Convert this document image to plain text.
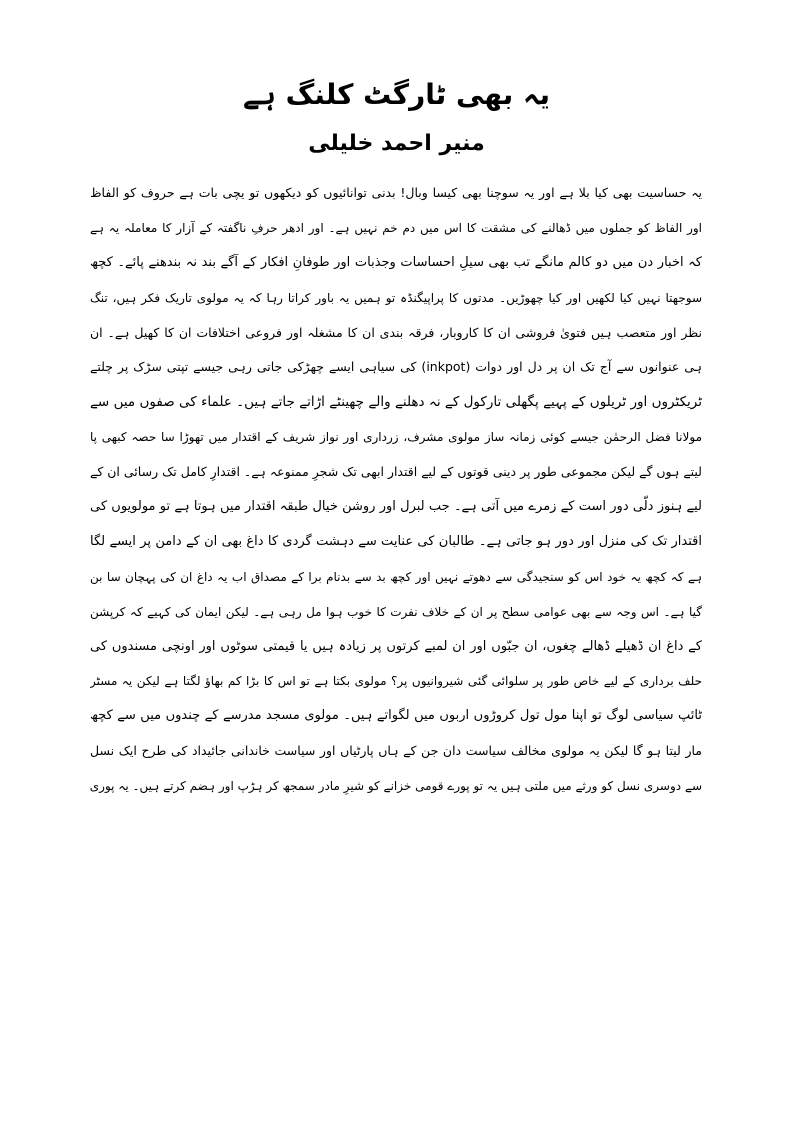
یہ بھی ٹارگٹ کلنگ ہے
منیر احمد خلیلی
یہ حساسیت بھی کیا بلا ہے اور یہ سوچنا بھی کیسا وبال! بدنی توانائیوں کو دیکھوں تو یچی بات ہے حروف کو الفاظ
اور الفاظ کو جملوں میں ڈھالنے کی مشقت کا اس میں دم خم نہیں ہے۔ اور ادھر حرفِ ناگفتہ کے آزار کا معاملہ یہ ہے
کہ اخبار دن میں دو کالم مانگے تب بھی سیلِ احساسات وجذبات اور طوفانِ افکار کے آگے بند نہ بندھنے پائے۔ کچھ
سوجھتا نہیں کیا لکھیں اور کیا چھوڑیں۔ مدتوں کا پراپیگنڈہ تو ہمیں یہ باور کراتا رہا کہ یہ مولوی تاریک فکر ہیں، تنگ
نظر اور متعصب ہیں فتویٰ فروشی ان کا کاروبار، فرقہ بندی ان کا مشغلہ اور فروعی اختلافات ان کا کھیل ہے۔ ان
ہی عنوانوں سے آج تک ان پر دل اور دوات (inkpot) کی سیاہی ایسے چھڑکی جاتی رہی جیسے تپتی سڑک پر چلتے
ٹریکٹروں اور ٹریلوں کے پہیے پگھلی تارکول کے نہ دھلنے والے چھینٹے اڑاتے جاتے ہیں۔ علماء کی صفوں میں سے
مولانا فضل الرحمٰن جیسے کوئی زمانہ ساز مولوی مشرف، زرداری اور نواز شریف کے اقتدار میں تھوڑا سا حصہ کبھی پا
لیتے ہوں گے لیکن مجموعی طور پر دینی قوتوں کے لیے اقتدار ابھی تک شجرِ ممنوعہ ہے۔ اقتدارِ کامل تک رسائی ان کے
لیے ہنوز دلّی دور است کے زمرے میں آتی ہے۔ جب لبرل اور روشن خیال طبقہ اقتدار میں ہوتا ہے تو مولویوں کی
اقتدار تک کی منزل اور دور ہو جاتی ہے۔ طالبان کی عنایت سے دہشت گردی کا داغ بھی ان کے دامن پر ایسے لگا
ہے کہ کچھ یہ خود اس کو سنجیدگی سے دھوتے نہیں اور کچھ بد سے بدنام برا کے مصداق اب یہ داغ ان کی پہچان سا بن
گیا ہے۔ اس وجہ سے بھی عوامی سطح پر ان کے خلاف نفرت کا خوب ہوا مل رہی ہے۔ لیکن ایمان کی کہیے کہ کرپشن
کے داغ ان ڈھیلے ڈھالے چغوں، ان جبّوں اور ان لمبے کرتوں پر زیادہ ہیں یا قیمتی سوٹوں اور اونچی مسندوں کی
حلف برداری کے لیے خاص طور پر سلوائی گئی شیروانیوں پر؟ مولوی بکتا ہے تو اس کا بڑا کم بھاؤ لگتا ہے لیکن یہ مسٹر
ٹائپ سیاسی لوگ تو اپنا مول تول کروڑوں اربوں میں لگواتے ہیں۔ مولوی مسجد مدرسے کے چندوں میں سے کچھ
مار لیتا ہو گا لیکن یہ مولوی مخالف سیاست دان جن کے ہاں پارٹیاں اور سیاست خاندانی جائیداد کی طرح ایک نسل
سے دوسری نسل کو ورثے میں ملتی ہیں یہ تو پورے قومی خزانے کو شیرِ مادر سمجھ کر ہڑپ اور ہضم کرتے ہیں۔ یہ پوری
